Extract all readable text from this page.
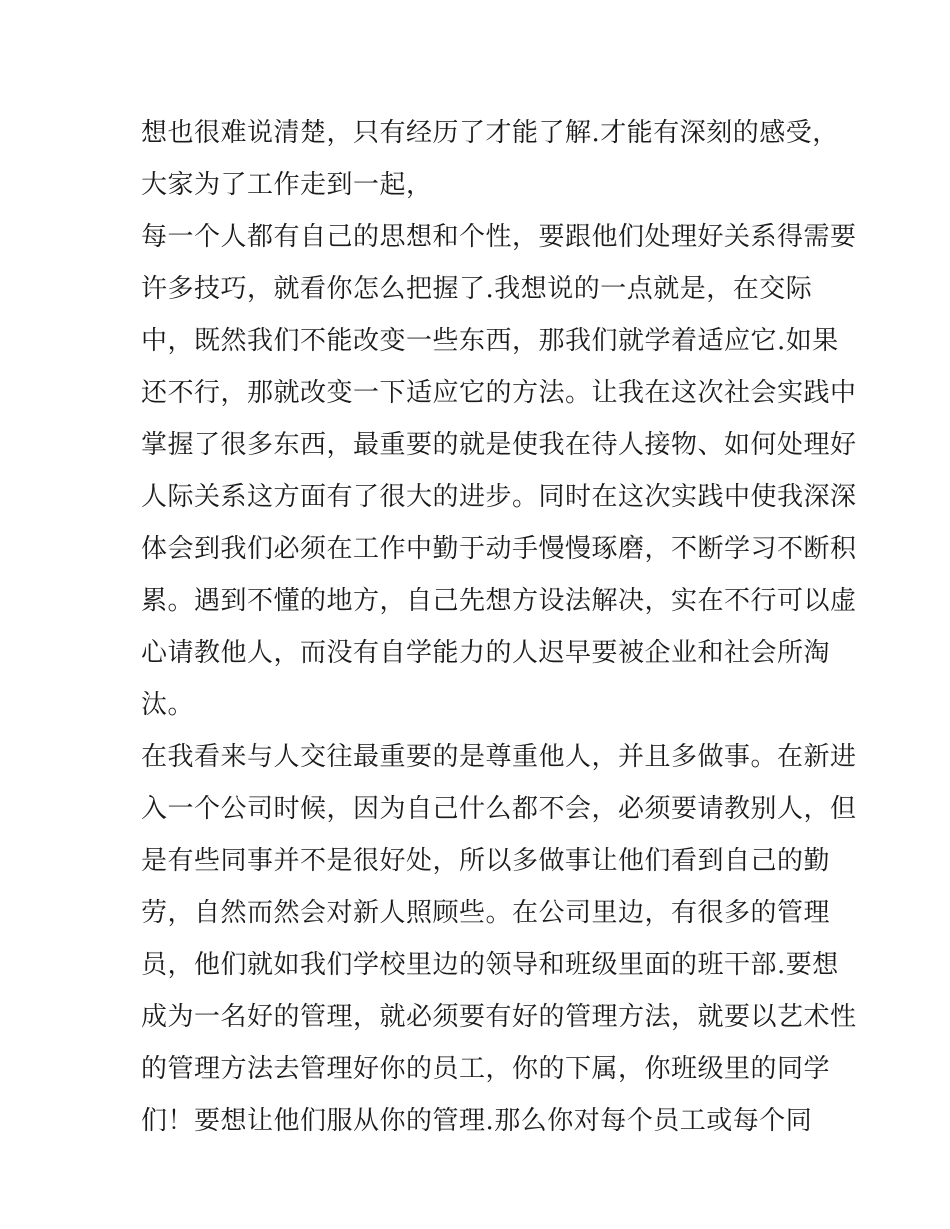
想也很难说清楚，只有经历了才能了解.才能有深刻的感受，
大家为了工作走到一起，
每一个人都有自己的思想和个性，要跟他们处理好关系得需要
许多技巧，就看你怎么把握了.我想说的一点就是，在交际
中，既然我们不能改变一些东西，那我们就学着适应它.如果
还不行，那就改变一下适应它的方法。让我在这次社会实践中
掌握了很多东西，最重要的就是使我在待人接物、如何处理好
人际关系这方面有了很大的进步。同时在这次实践中使我深深
体会到我们必须在工作中勤于动手慢慢琢磨，不断学习不断积
累。遇到不懂的地方，自己先想方设法解决，实在不行可以虚
心请教他人，而没有自学能力的人迟早要被企业和社会所淘
汰。
在我看来与人交往最重要的是尊重他人，并且多做事。在新进
入一个公司时候，因为自己什么都不会，必须要请教别人，但
是有些同事并不是很好处，所以多做事让他们看到自己的勤
劳，自然而然会对新人照顾些。在公司里边，有很多的管理
员，他们就如我们学校里边的领导和班级里面的班干部.要想
成为一名好的管理，就必须要有好的管理方法，就要以艺术性
的管理方法去管理好你的员工，你的下属，你班级里的同学
们！要想让他们服从你的管理.那么你对每个员工或每个同
